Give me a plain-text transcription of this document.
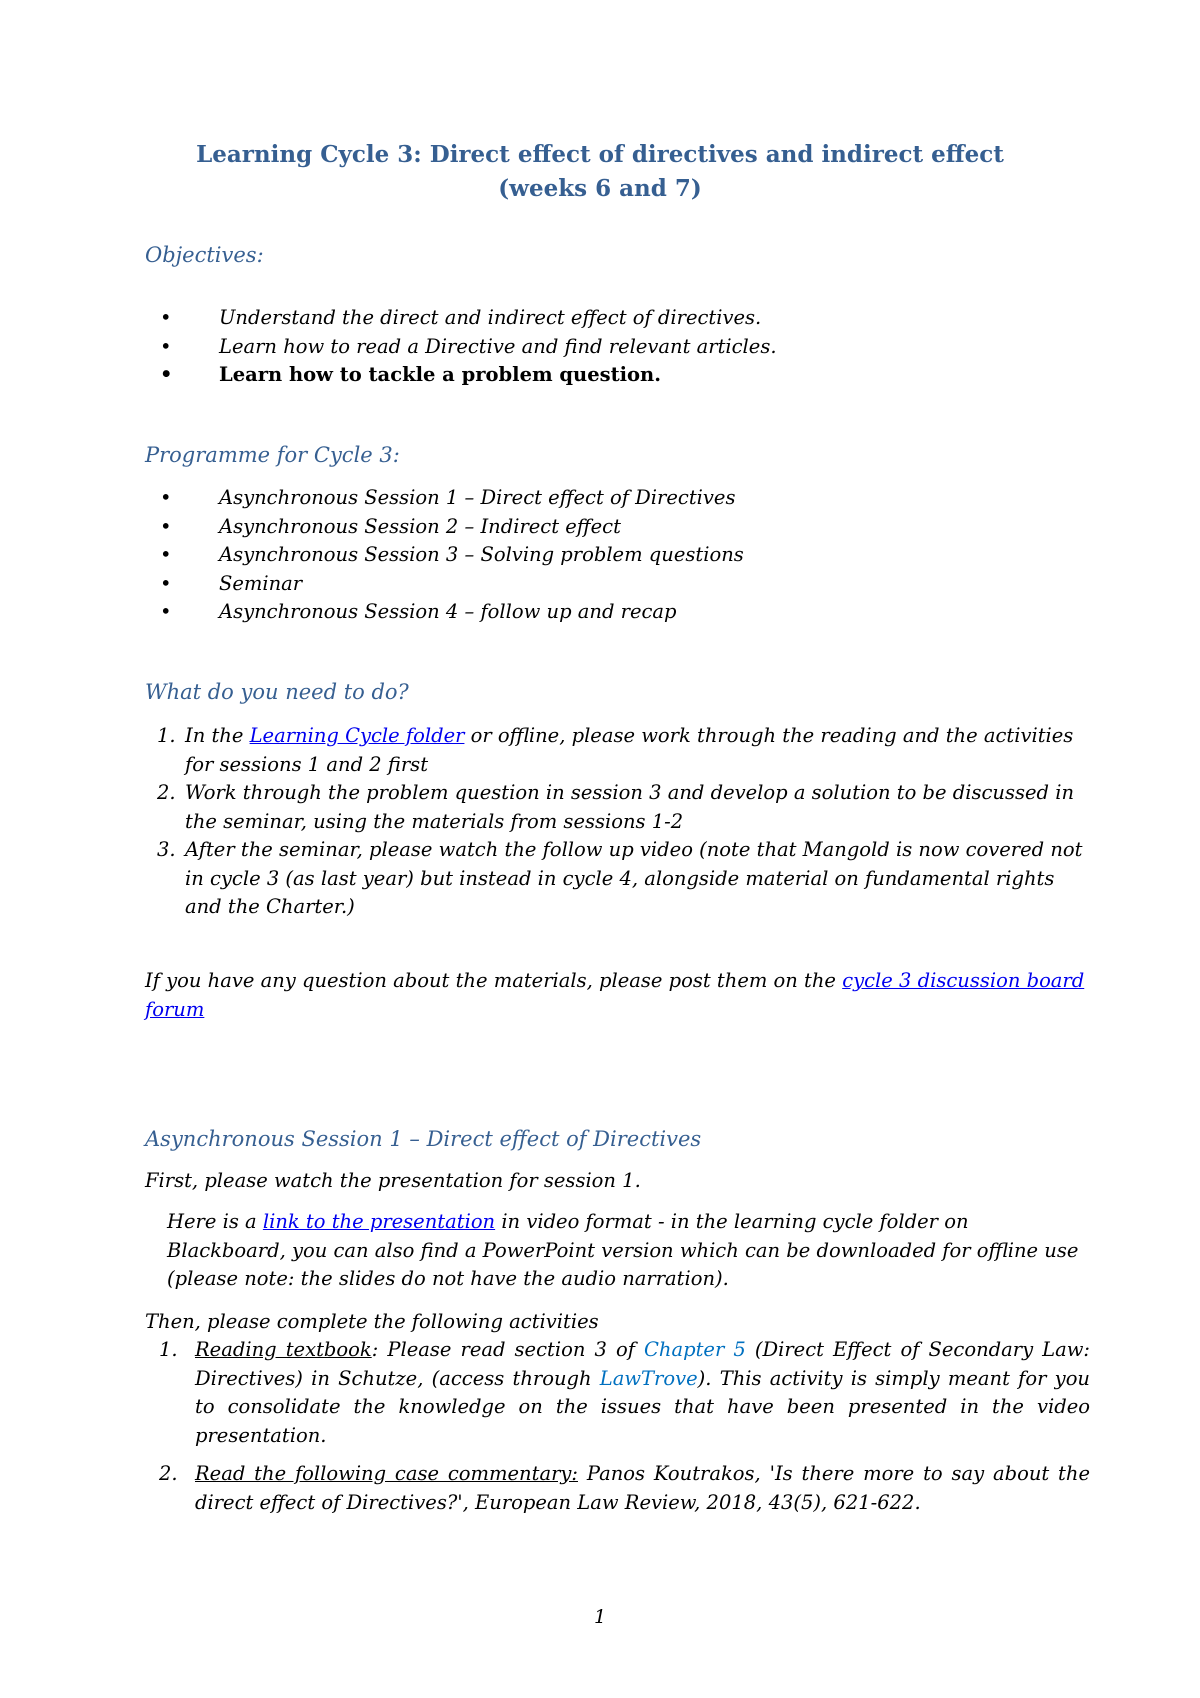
Learning Cycle 3: Direct effect of directives and indirect effect
(weeks 6 and 7)
Objectives:
• Understand the direct and indirect effect of directives.
• Learn how to read a Directive and find relevant articles.
• Learn how to tackle a problem question.
Programme for Cycle 3:
• Asynchronous Session 1 – Direct effect of Directives
• Asynchronous Session 2 – Indirect effect
• Asynchronous Session 3 – Solving problem questions
• Seminar
• Asynchronous Session 4 – follow up and recap
What do you need to do?
1. In the Learning Cycle folder or offline, please work through the reading and the activities for sessions 1 and 2 first
2. Work through the problem question in session 3 and develop a solution to be discussed in the seminar, using the materials from sessions 1-2
3. After the seminar, please watch the follow up video (note that Mangold is now covered not in cycle 3 (as last year) but instead in cycle 4, alongside material on fundamental rights and the Charter.)

If you have any question about the materials, please post them on the cycle 3 discussion board forum

Asynchronous Session 1 – Direct effect of Directives

First, please watch the presentation for session 1.

Here is a link to the presentation in video format - in the learning cycle folder on Blackboard, you can also find a PowerPoint version which can be downloaded for offline use (please note: the slides do not have the audio narration).

Then, please complete the following activities

1. Reading textbook: Please read section 3 of Chapter 5 (Direct Effect of Secondary Law: Directives) in Schutze, (access through LawTrove). This activity is simply meant for you to consolidate the knowledge on the issues that have been presented in the video presentation.
2. Read the following case commentary: Panos Koutrakos, 'Is there more to say about the direct effect of Directives?', European Law Review, 2018, 43(5), 621-622.
1
